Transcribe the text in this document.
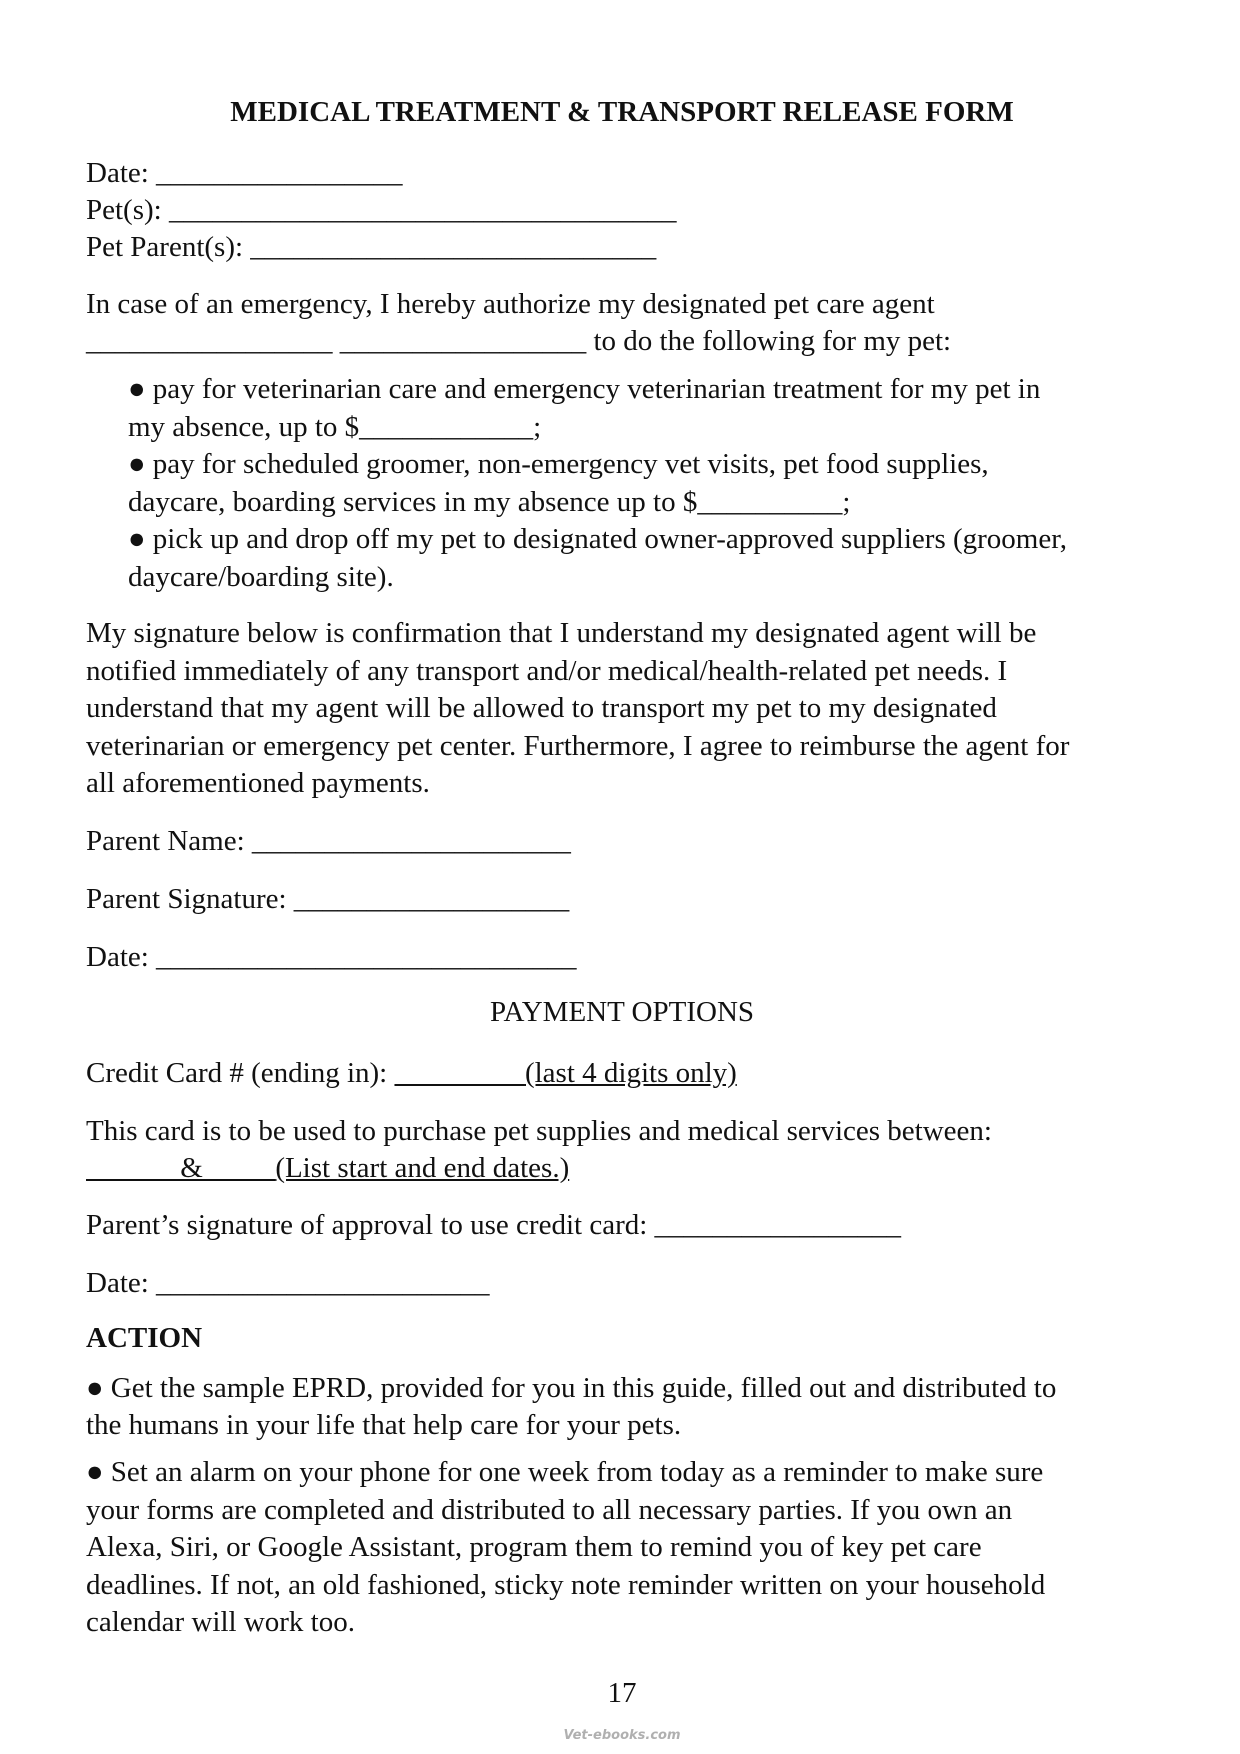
MEDICAL TREATMENT & TRANSPORT RELEASE FORM
Date: _________________
Pet(s): ___________________________________
Pet Parent(s): ____________________________
In case of an emergency, I hereby authorize my designated pet care agent
_________________ _________________ to do the following for my pet:
● pay for veterinarian care and emergency veterinarian treatment for my pet in
my absence, up to $____________;
● pay for scheduled groomer, non-emergency vet visits, pet food supplies,
daycare, boarding services in my absence up to $__________;
● pick up and drop off my pet to designated owner-approved suppliers (groomer,
daycare/boarding site).
My signature below is confirmation that I understand my designated agent will be
notified immediately of any transport and/or medical/health-related pet needs. I
understand that my agent will be allowed to transport my pet to my designated
veterinarian or emergency pet center. Furthermore, I agree to reimburse the agent for
all aforementioned payments.
Parent Name: ______________________
Parent Signature: ___________________
Date: _____________________________
PAYMENT OPTIONS
Credit Card # (ending in):	(last 4 digits only)
This card is to be used to purchase pet supplies and medical services between:
&          (List start and end dates.)
Parent’s signature of approval to use credit card: _________________
Date: _______________________
ACTION
● Get the sample EPRD, provided for you in this guide, filled out and distributed to
the humans in your life that help care for your pets.
● Set an alarm on your phone for one week from today as a reminder to make sure
your forms are completed and distributed to all necessary parties. If you own an
Alexa, Siri, or Google Assistant, program them to remind you of key pet care
deadlines. If not, an old fashioned, sticky note reminder written on your household
calendar will work too.
17
Vet-ebooks.com
